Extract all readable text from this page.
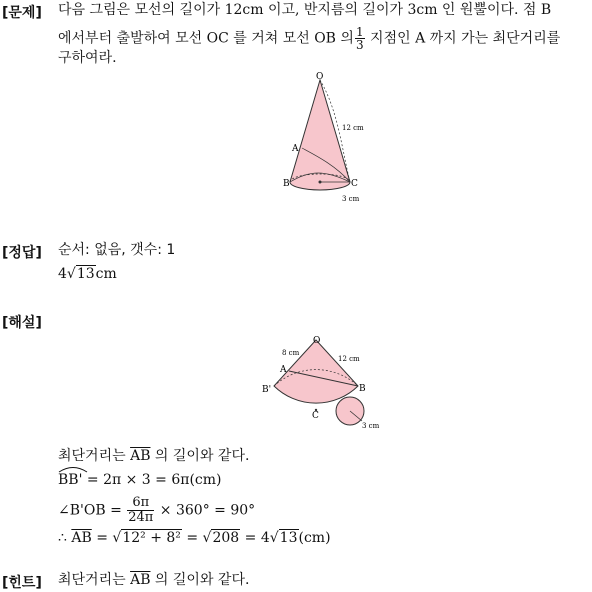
[문제] 다음 그림은 모선의 길이가 12cm 이고, 반지름의 길이가 3cm 인 원뿔이다. 점 B
에서부터 출발하여 모선 OC 를 거쳐 모선 OB 의 $\frac{1}{3}$ 지점인 A 까지 가는 최단거리를
구하여라.
O
A
B	C
12 cm
3 cm
[정답] 순서: 없음, 갯수: 1
4√13cm
[해설]
O
A
B'	B
C
8 cm
12 cm
3 cm
최단거리는 $\overline{AB}$ 의 길이와 같다.
BB' = 2π × 3 = 6π(cm)
∠B'OB = $\frac{6\pi}{24\pi} \times 360^\circ = 90^\circ$
∴ $\overline{AB} = √12^2 + 8^2 = √208 = 4√13(cm)$
[힌트] 최단거리는 $\overline{AB}$ 의 길이와 같다.
